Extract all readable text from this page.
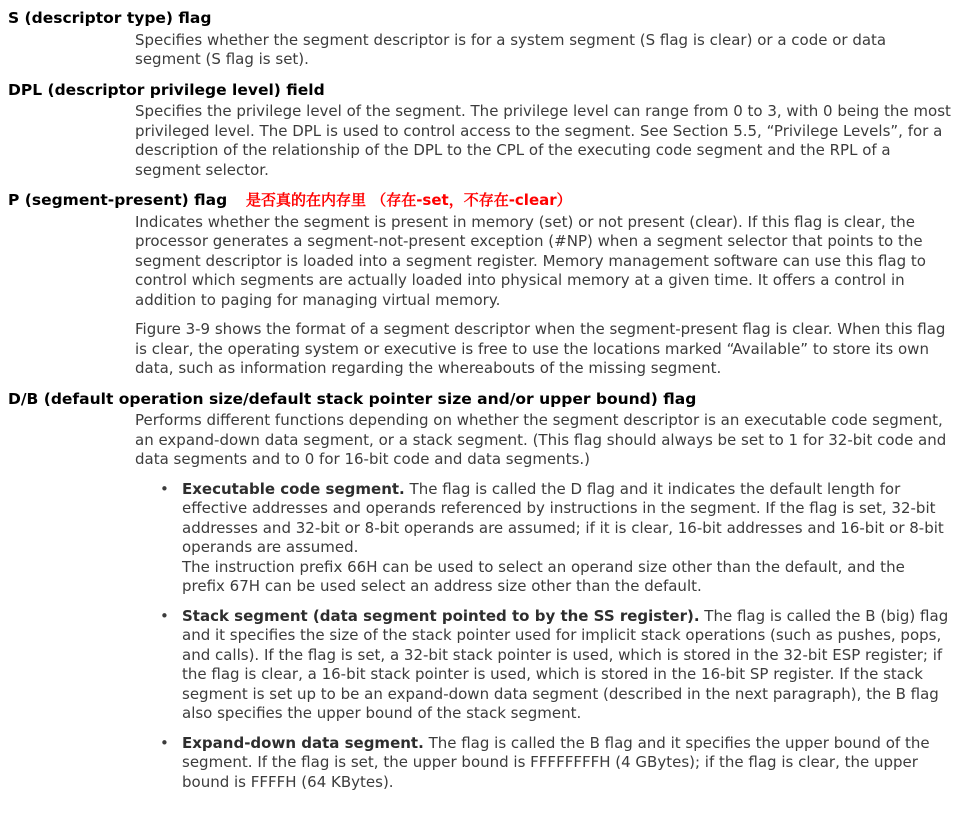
S (descriptor type) flag

Specifies whether the segment descriptor is for a system segment (S flag is clear) or a code or data segment (S flag is set).

DPL (descriptor privilege level) field

Specifies the privilege level of the segment. The privilege level can range from 0 to 3, with 0 being the most privileged level. The DPL is used to control access to the segment. See Section 5.5, “Privilege Levels”, for a description of the relationship of the DPL to the CPL of the executing code segment and the RPL of a segment selector.

P (segment-present) flag 是否真的在内存里 （存在-set，不存在-clear）

Indicates whether the segment is present in memory (set) or not present (clear). If this flag is clear, the processor generates a segment-not-present exception (#NP) when a segment selector that points to the segment descriptor is loaded into a segment register. Memory management software can use this flag to control which segments are actually loaded into physical memory at a given time. It offers a control in addition to paging for managing virtual memory.

Figure 3-9 shows the format of a segment descriptor when the segment-present flag is clear. When this flag is clear, the operating system or executive is free to use the locations marked “Available” to store its own data, such as information regarding the whereabouts of the missing segment.

D/B (default operation size/default stack pointer size and/or upper bound) flag

Performs different functions depending on whether the segment descriptor is an executable code segment, an expand-down data segment, or a stack segment. (This flag should always be set to 1 for 32-bit code and data segments and to 0 for 16-bit code and data segments.)

• Executable code segment. The flag is called the D flag and it indicates the default length for effective addresses and operands referenced by instructions in the segment. If the flag is set, 32-bit addresses and 32-bit or 8-bit operands are assumed; if it is clear, 16-bit addresses and 16-bit or 8-bit operands are assumed.
The instruction prefix 66H can be used to select an operand size other than the default, and the prefix 67H can be used select an address size other than the default.
• Stack segment (data segment pointed to by the SS register). The flag is called the B (big) flag and it specifies the size of the stack pointer used for implicit stack operations (such as pushes, pops, and calls). If the flag is set, a 32-bit stack pointer is used, which is stored in the 32-bit ESP register; if the flag is clear, a 16-bit stack pointer is used, which is stored in the 16-bit SP register. If the stack segment is set up to be an expand-down data segment (described in the next paragraph), the B flag also specifies the upper bound of the stack segment.
• Expand-down data segment. The flag is called the B flag and it specifies the upper bound of the segment. If the flag is set, the upper bound is FFFFFFFFH (4 GBytes); if the flag is clear, the upper bound is FFFFH (64 KBytes).
